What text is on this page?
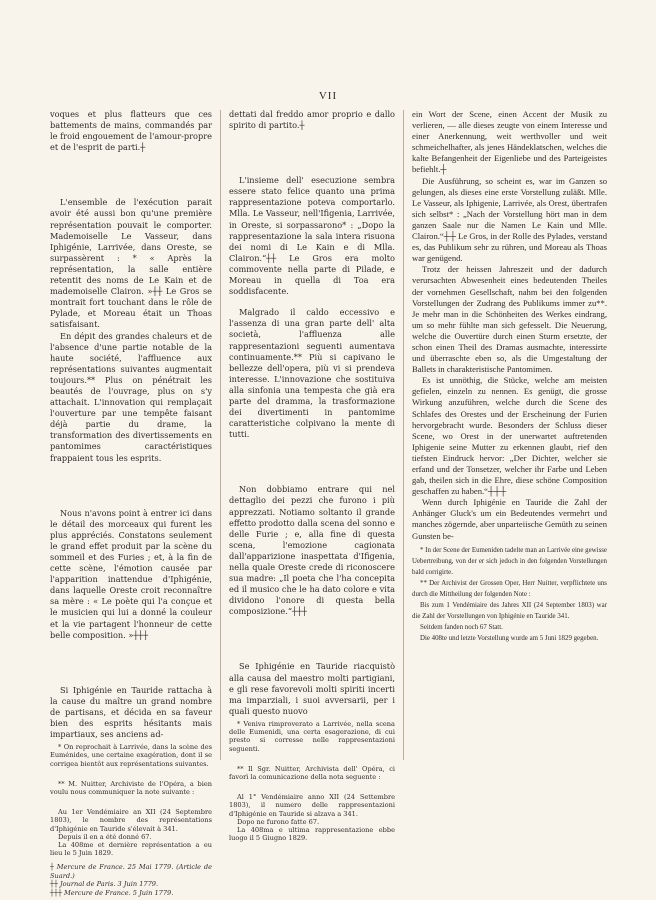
VII

voques et plus flatteurs que ces battements de mains, commandés par le froid engouement de l'amour-propre et de l'esprit de parti.┼

L'ensemble de l'exécution parait avoir été aussi bon qu'une première représentation pouvait le comporter. Mademoiselle Le Vasseur, dans Iphigénie, Larrivée, dans Oreste, se surpassèrent : * « Après la représentation, la salle entière retentit des noms de Le Kain et de mademoiselle Clairon. »┼┼ Le Gros se montrait fort touchant dans le rôle de Pylade, et Moreau était un Thoas satisfaisant.

En dépit des grandes chaleurs et de l'absence d'une partie notable de la haute société, l'affluence aux représentations suivantes augmentait toujours.** Plus on pénétrait les beautés de l'ouvrage, plus on s'y attachait. L'innovation qui remplaçait l'ouverture par une tempête faisant déjà partie du drame, la transformation des divertissements en pantomimes caractéristiques frappaient tous les esprits.

Nous n'avons point à entrer ici dans le détail des morceaux qui furent les plus appréciés. Constatons seulement le grand effet produit par la scène du sommeil et des Furies ; et, à la fin de cette scène, l'émotion causée par l'apparition inattendue d'Iphigénie, dans laquelle Oreste croit reconnaître sa mère : « Le poète qui l'a conçue et le musicien qui lui a donné la couleur et la vie partagent l'honneur de cette belle composition. »┼┼┼

Si Iphigénie en Tauride rattacha à la cause du maître un grand nombre de partisans, et décida en sa faveur bien des esprits hésitants mais impartiaux, ses anciens ad-

* On reprochait à Larrivée, dans la scène des Euménides, une certaine exagération, dont il se corrigea bientôt aux représentations suivantes.

** M. Nuitter, Archiviste de l'Opéra, a bien voulu nous communiquer la note suivante :

Au 1er Vendémiaire an XII (24 Septembre 1803), le nombre des représentations d'Iphigénie en Tauride s'élevait à 341.

Depuis il en a été donné 67.

La 408me et dernière représentation a eu lieu le 5 Juin 1829.

┼ Mercure de France. 25 Mai 1779. (Article de Suard.)

┼┼ Journal de Paris. 3 Juin 1779.

┼┼┼ Mercure de France. 5 Juin 1779.

dettati dal freddo amor proprio e dallo spirito di partito.┼

L'insieme dell' esecuzione sembra essere stato felice quanto una prima rappresentazione poteva comportarlo. Mlla. Le Vasseur, nell'Ifigenia, Larrivée, in Oreste, si sorpassarono* : „Dopo la rappresentazione la sala intera risuona dei nomi di Le Kain e di Mlla. Clairon.“┼┼ Le Gros era molto commovente nella parte di Pilade, e Moreau in quella di Toa era soddisfacente.

Malgrado il caldo eccessivo e l'assenza di una gran parte dell' alta società, l'affluenza alle rappresentazioni seguenti aumentava continuamente.** Più si capivano le bellezze dell'opera, più vi si prendeva interesse. L'innovazione che sostituiva alla sinfonia una tempesta che già era parte del dramma, la trasformazione dei divertimenti in pantomime caratteristiche colpivano la mente di tutti.

Non dobbiamo entrare qui nel dettaglio dei pezzi che furono i più apprezzati. Notiamo soltanto il grande effetto prodotto dalla scena del sonno e delle Furie ; e, alla fine di questa scena, l'emozione cagionata dall'apparizione inaspettata d'Ifigenia, nella quale Oreste crede di riconoscere sua madre: „Il poeta che l'ha concepita ed il musico che le ha dato colore e vita dividono l'onore di questa bella composizione.“┼┼┼

Se Iphigénie en Tauride riacquistò alla causa del maestro molti partigiani, e gli rese favorevoli molti spiriti incerti ma imparziali, i suoi avversarii, per i quali questo nuovo

* Veniva rimproverato a Larrivée, nella scena delle Eumenidi, una certa esagerazione, di cui presto si corresse nelle rappresentazioni seguenti.

** Il Sgr. Nuitter, Archivista dell' Opéra, ci favorì la comunicazione della nota seguente :

Al 1° Vendémiaire anno XII (24 Settembre 1803), il numero delle rappresentazioni d'Iphigénie en Tauride si alzava a 341.

Dopo ne furono fatte 67.

La 408ma e ultima rappresentazione ebbe luogo il 5 Giugno 1829.

ein Wort der Scene, einen Accent der Musik zu verlieren, — alle dieses zeugte von einem Interesse und einer Anerkennung, weit werthvoller und weit schmeichelhafter, als jenes Händeklatschen, welches die kalte Befangenheit der Eigenliebe und des Parteigeistes befiehlt.┼

Die Ausführung, so scheint es, war im Ganzen so gelungen, als dieses eine erste Vorstellung zuläßt. Mlle. Le Vasseur, als Iphigenie, Larrivée, als Orest, übertrafen sich selbst* : „Nach der Vorstellung hört man in dem ganzen Saale nur die Namen Le Kain und Mlle. Clairon.“┼┼ Le Gros, in der Rolle des Pylades, verstand es, das Publikum sehr zu rühren, und Moreau als Thoas war genügend.

Trotz der heissen Jahreszeit und der dadurch verursachten Abwesenheit eines bedeutenden Theiles der vornehmen Gesellschaft, nahm bei den folgenden Vorstellungen der Zudrang des Publikums immer zu**. Je mehr man in die Schönheiten des Werkes eindrang, um so mehr fühlte man sich gefesselt. Die Neuerung, welche die Ouvertüre durch einen Sturm ersetzte, der schon einen Theil des Dramas ausmachte, interessirte und überraschte eben so, als die Umgestaltung der Ballets in charakteristische Pantomimen.

Es ist unnöthig, die Stücke, welche am meisten gefielen, einzeln zu nennen. Es genügt, die grosse Wirkung anzuführen, welche durch die Scene des Schlafes des Orestes und der Erscheinung der Furien hervorgebracht wurde. Besonders der Schluss dieser Scene, wo Orest in der unerwartet auftretenden Iphigenie seine Mutter zu erkennen glaubt, rief den tiefsten Eindruck hervor: „Der Dichter, welcher sie erfand und der Tonsetzer, welcher ihr Farbe und Leben gab, theilen sich in die Ehre, diese schöne Composition geschaffen zu haben.“┼┼┼

Wenn durch Iphigénie en Tauride die Zahl der Anhänger Gluck's um ein Bedeutendes vermehrt und manches zögernde, aber unparteiische Gemüth zu seinen Gunsten be-

* In der Scene der Eumeniden tadelte man an Larrivée eine gewisse Uebertreibung, von der er sich jedoch in den folgenden Vorstellungen bald corrigirte.

** Der Archivist der Grossen Oper, Herr Nuitter, verpflichtete uns durch die Mittheilung der folgenden Note :

Bis zum 1 Vendémiaire des Jahres XII (24 September 1803) war die Zahl der Vorstellungen von Iphigénie en Tauride 341.

Seitdem fanden noch 67 Statt.

Die 408te und letzte Vorstellung wurde am 5 Juni 1829 gegeben.
